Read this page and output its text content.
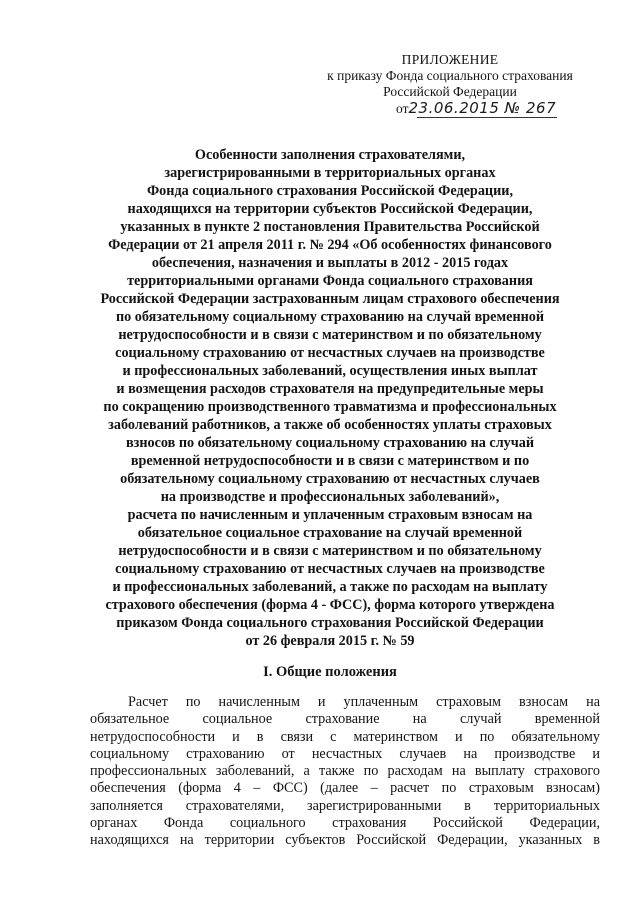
ПРИЛОЖЕНИЕ
к приказу Фонда социального страхования
Российской Федерации
от23.06.2015 № 267
Особенности заполнения страхователями,
зарегистрированными в территориальных органах
Фонда социального страхования Российской Федерации,
находящихся на территории субъектов Российской Федерации,
указанных в пункте 2 постановления Правительства Российской
Федерации от 21 апреля 2011 г. № 294 «Об особенностях финансового
обеспечения, назначения и выплаты в 2012 - 2015 годах
территориальными органами Фонда социального страхования
Российской Федерации застрахованным лицам страхового обеспечения
по обязательному социальному страхованию на случай временной
нетрудоспособности и в связи с материнством и по обязательному
социальному страхованию от несчастных случаев на производстве
и профессиональных заболеваний, осуществления иных выплат
и возмещения расходов страхователя на предупредительные меры
по сокращению производственного травматизма и профессиональных
заболеваний работников, а также об особенностях уплаты страховых
взносов по обязательному социальному страхованию на случай
временной нетрудоспособности и в связи с материнством и по
обязательному социальному страхованию от несчастных случаев
на производстве и профессиональных заболеваний»,
расчета по начисленным и уплаченным страховым взносам на
обязательное социальное страхование на случай временной
нетрудоспособности и в связи с материнством и по обязательному
социальному страхованию от несчастных случаев на производстве
и профессиональных заболеваний, а также по расходам на выплату
страхового обеспечения (форма 4 - ФСС), форма которого утверждена
приказом Фонда социального страхования Российской Федерации
от 26 февраля 2015 г. № 59
I. Общие положения
Расчет по начисленным и уплаченным страховым взносам на
обязательное социальное страхование на случай временной
нетрудоспособности и в связи с материнством и по обязательному
социальному страхованию от несчастных случаев на производстве и
профессиональных заболеваний, а также по расходам на выплату страхового
обеспечения (форма 4 – ФСС) (далее – расчет по страховым взносам)
заполняется страхователями, зарегистрированными в территориальных
органах Фонда социального страхования Российской Федерации,
находящихся на территории субъектов Российской Федерации, указанных в
